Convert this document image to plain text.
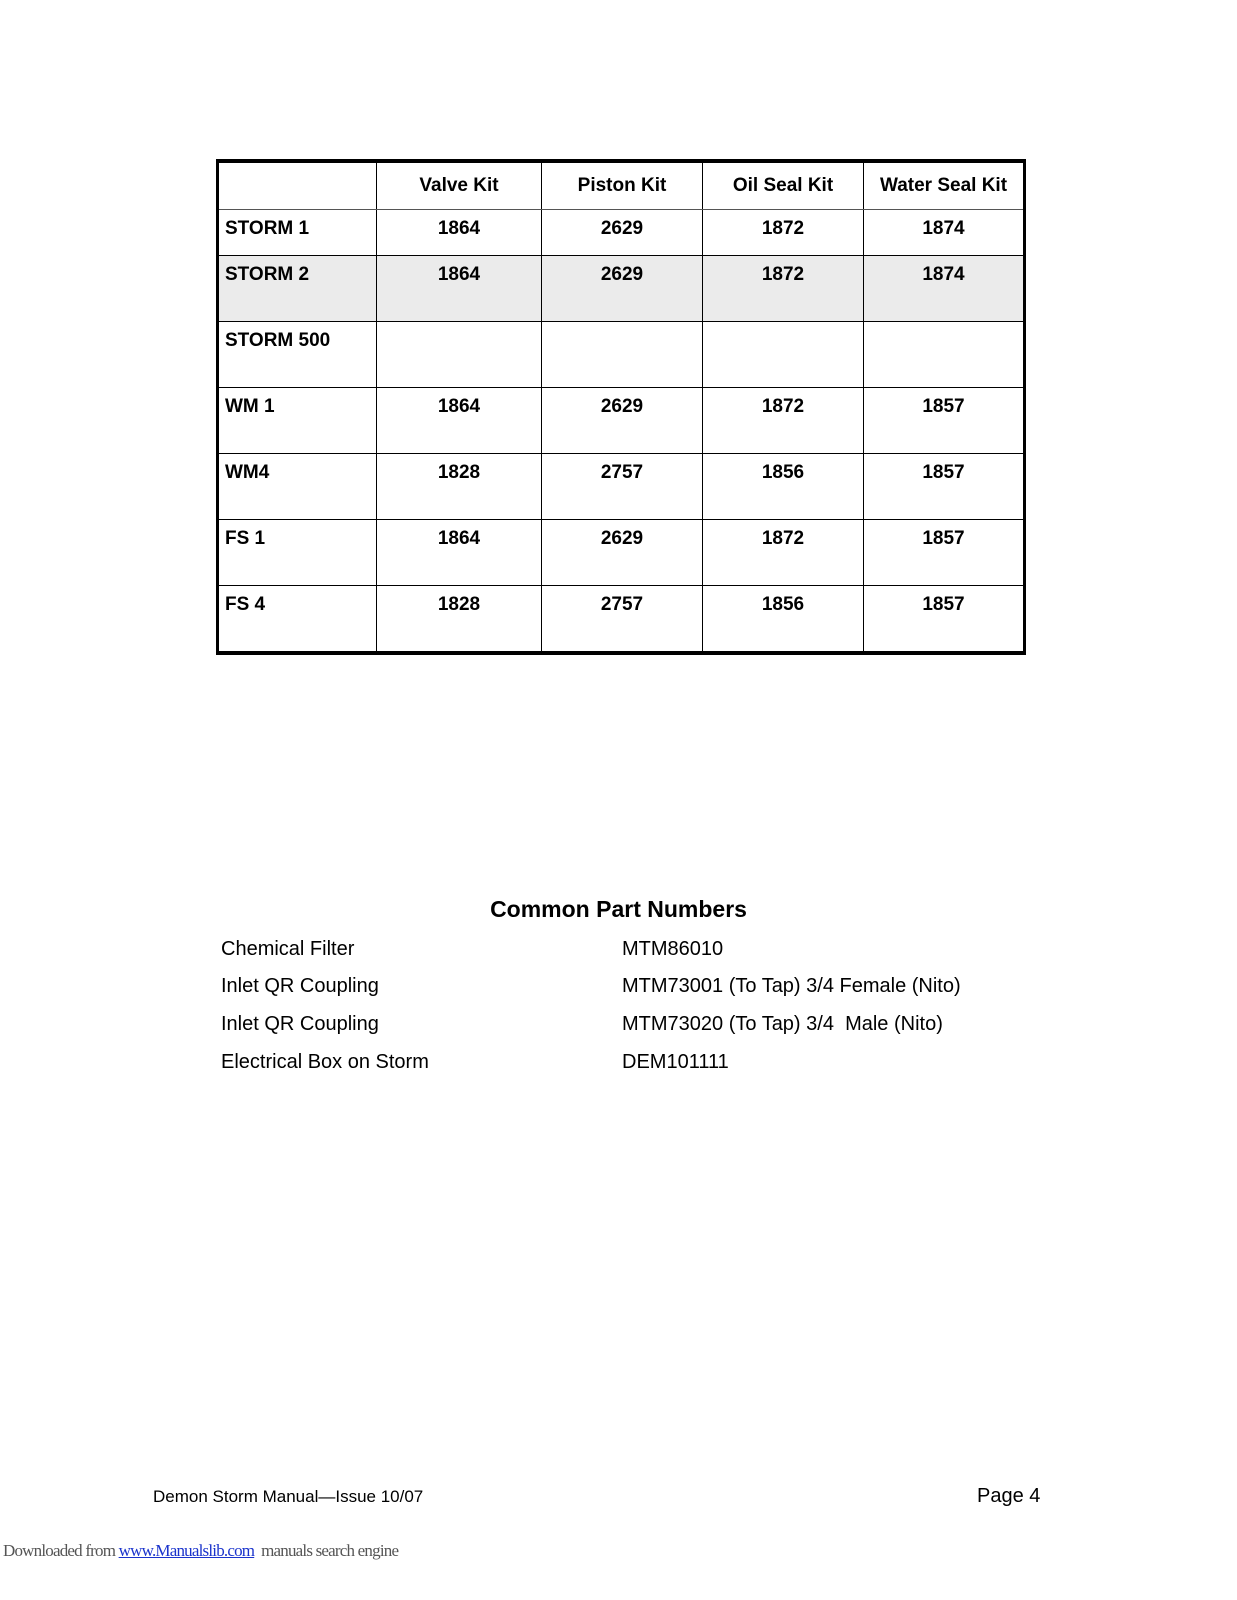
	Valve Kit	Piston Kit	Oil Seal Kit	Water Seal Kit
STORM 1	1864	2629	1872	1874
STORM 2	1864	2629	1872	1874
STORM 500				
WM 1	1864	2629	1872	1857
WM4	1828	2757	1856	1857
FS 1	1864	2629	1872	1857
FS 4	1828	2757	1856	1857
Common Part Numbers
Chemical Filter	MTM86010
Inlet QR Coupling	MTM73001 (To Tap) 3/4 Female (Nito)
Inlet QR Coupling	MTM73020 (To Tap) 3/4  Male (Nito)
Electrical Box on Storm	DEM101111
Demon Storm Manual—Issue 10/07	Page 4
Downloaded from www.Manualslib.com  manuals search engine
